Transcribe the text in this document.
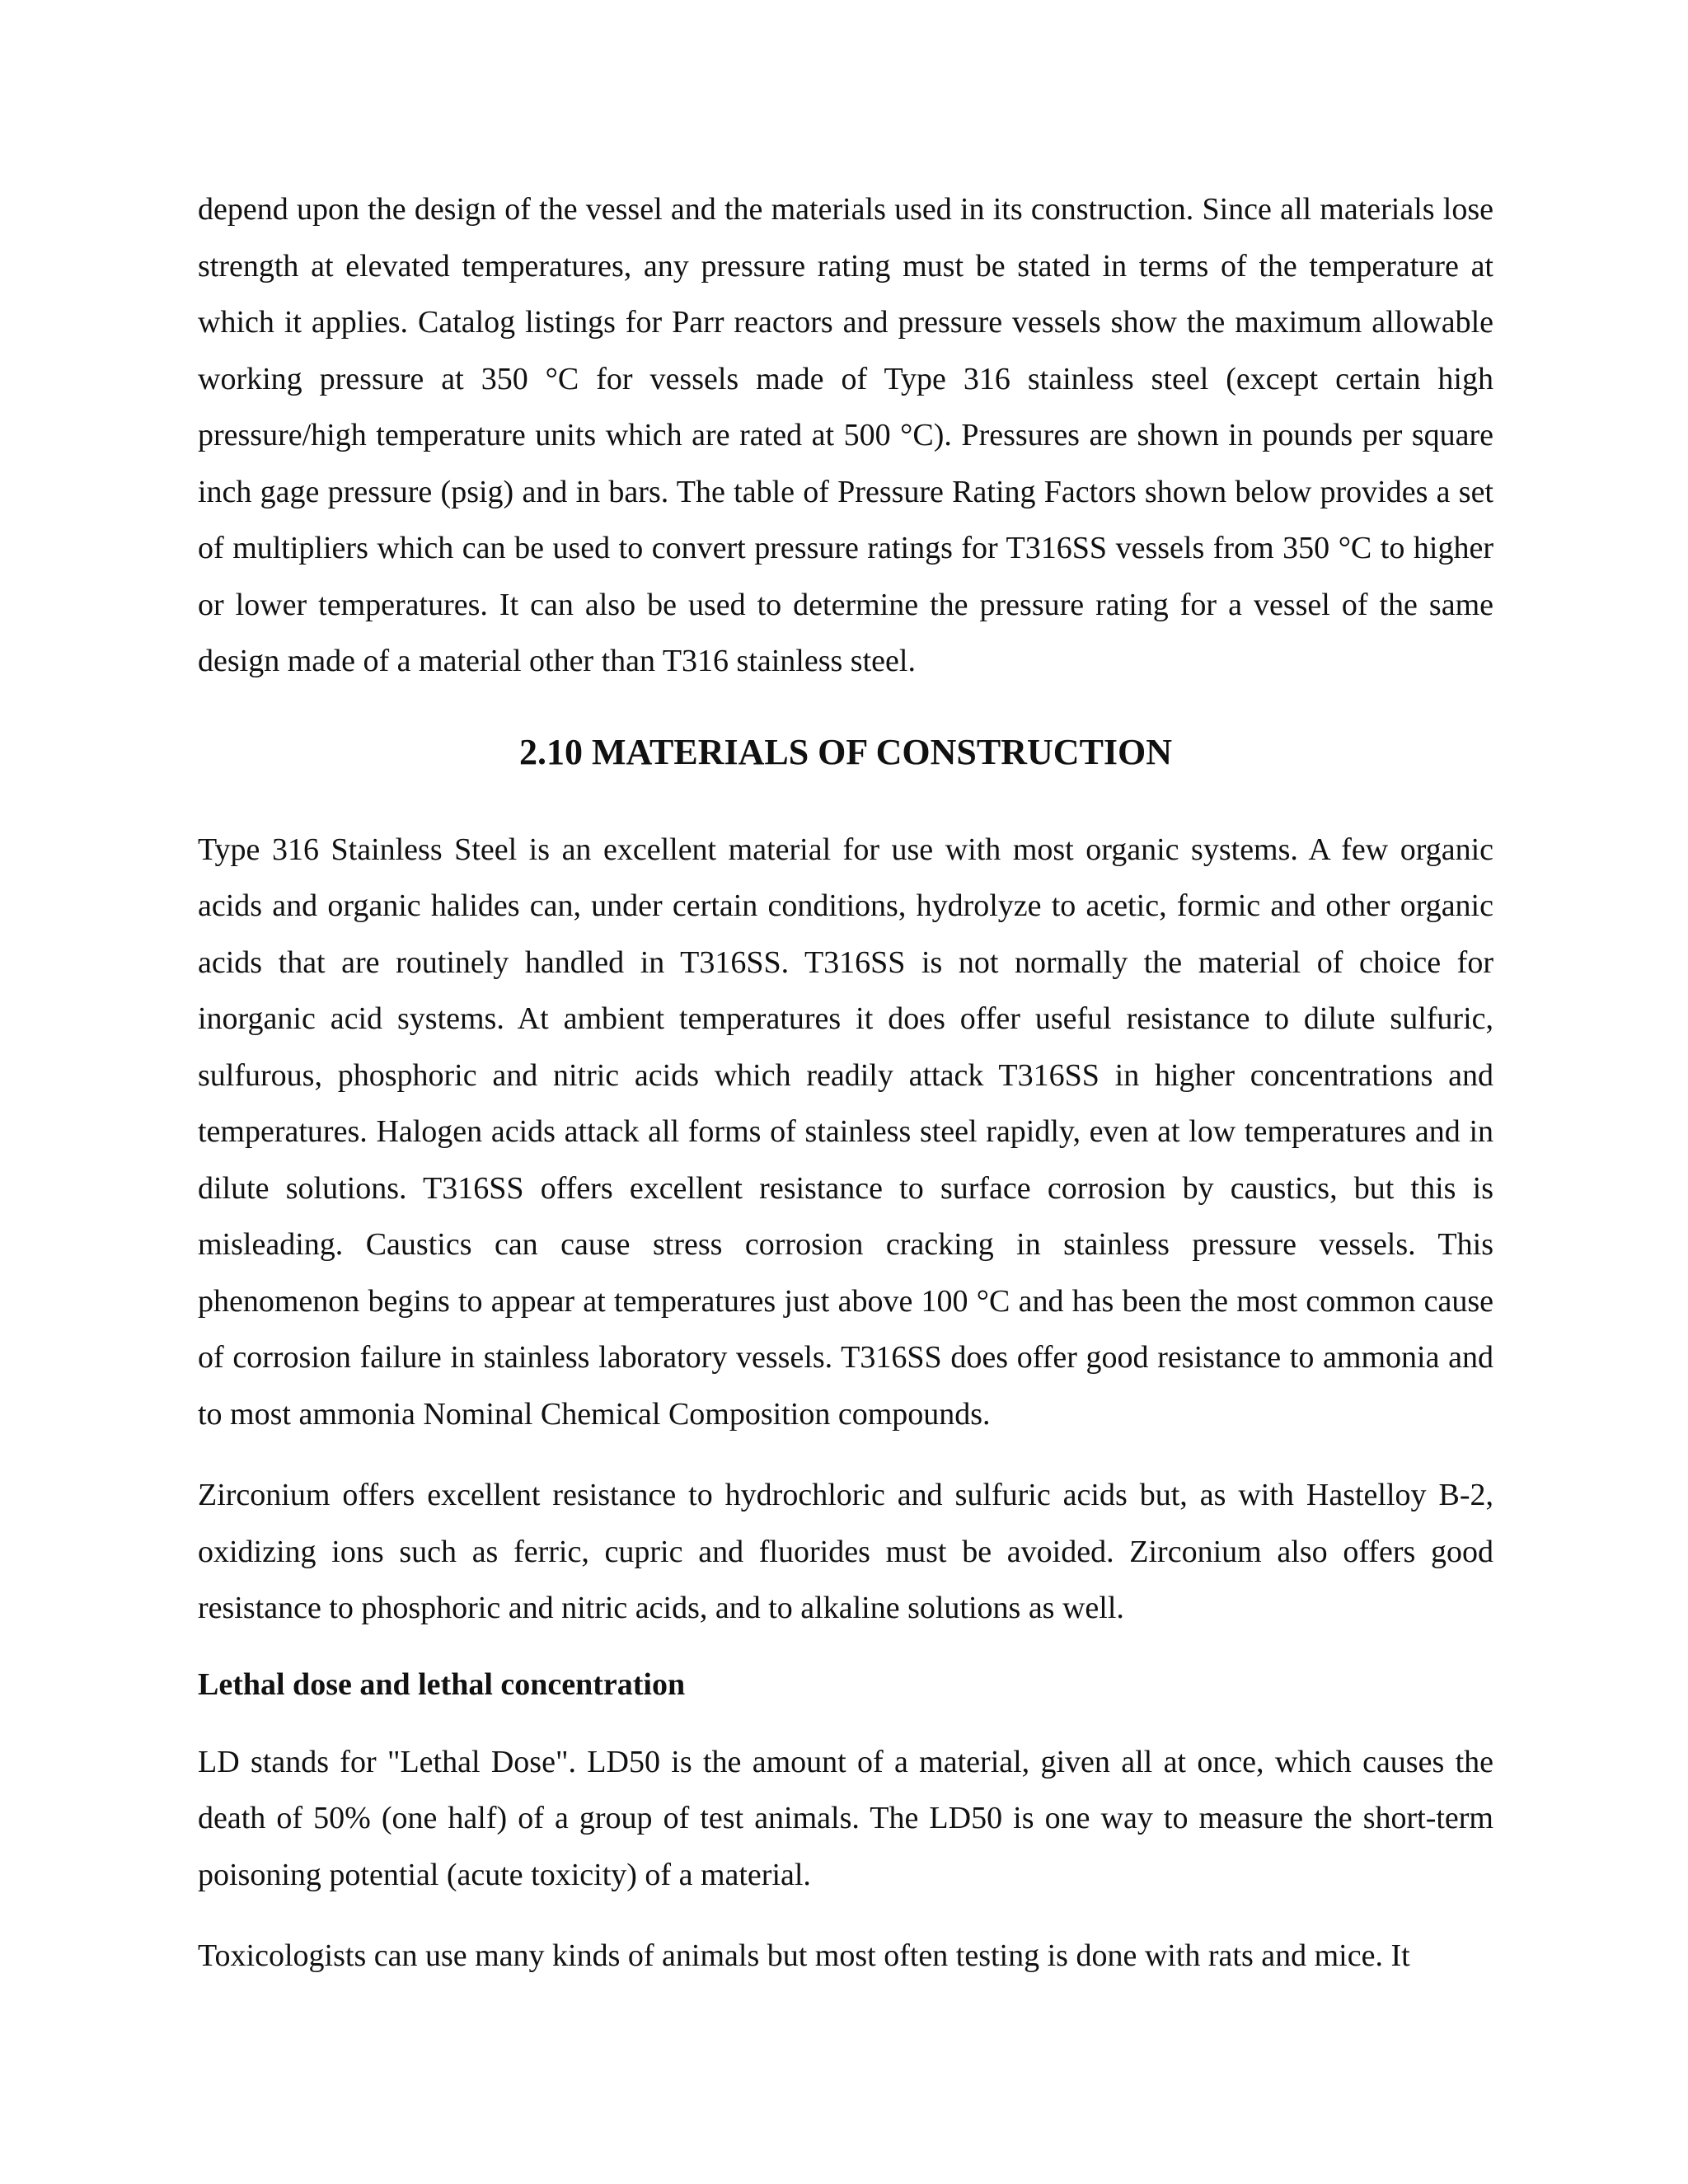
depend upon the design of the vessel and the materials used in its construction. Since all materials lose strength at elevated temperatures, any pressure rating must be stated in terms of the temperature at which it applies. Catalog listings for Parr reactors and pressure vessels show the maximum allowable working pressure at 350 °C for vessels made of Type 316 stainless steel (except certain high pressure/high temperature units which are rated at 500 °C). Pressures are shown in pounds per square inch gage pressure (psig) and in bars. The table of Pressure Rating Factors shown below provides a set of multipliers which can be used to convert pressure ratings for T316SS vessels from 350 °C to higher or lower temperatures. It can also be used to determine the pressure rating for a vessel of the same design made of a material other than T316 stainless steel.

2.10 MATERIALS OF CONSTRUCTION

Type 316 Stainless Steel is an excellent material for use with most organic systems. A few organic acids and organic halides can, under certain conditions, hydrolyze to acetic, formic and other organic acids that are routinely handled in T316SS. T316SS is not normally the material of choice for inorganic acid systems. At ambient temperatures it does offer useful resistance to dilute sulfuric, sulfurous, phosphoric and nitric acids which readily attack T316SS in higher concentrations and temperatures. Halogen acids attack all forms of stainless steel rapidly, even at low temperatures and in dilute solutions. T316SS offers excellent resistance to surface corrosion by caustics, but this is misleading. Caustics can cause stress corrosion cracking in stainless pressure vessels. This phenomenon begins to appear at temperatures just above 100 °C and has been the most common cause of corrosion failure in stainless laboratory vessels. T316SS does offer good resistance to ammonia and to most ammonia Nominal Chemical Composition compounds.

Zirconium offers excellent resistance to hydrochloric and sulfuric acids but, as with Hastelloy B-2, oxidizing ions such as ferric, cupric and fluorides must be avoided. Zirconium also offers good resistance to phosphoric and nitric acids, and to alkaline solutions as well.

Lethal dose and lethal concentration

LD stands for "Lethal Dose". LD50 is the amount of a material, given all at once, which causes the death of 50% (one half) of a group of test animals. The LD50 is one way to measure the short-term poisoning potential (acute toxicity) of a material.

Toxicologists can use many kinds of animals but most often testing is done with rats and mice. It
